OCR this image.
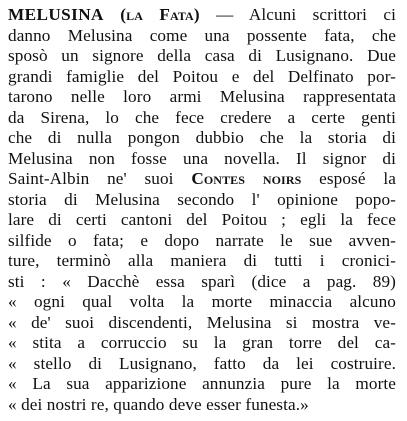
MELUSINA (la Fata) — Alcuni scrittori ci
danno Melusina come una possente fata, che
sposò un signore della casa di Lusignano. Due
grandi famiglie del Poitou e del Delfinato por-
tarono nelle loro armi Melusina rappresentata
da Sirena, lo che fece credere a certe genti
che di nulla pongon dubbio che la storia di
Melusina non fosse una novella. Il signor di
Saint-Albin ne' suoi Contes noirs esposé la
storia di Melusina secondo l' opinione popo-
lare di certi cantoni del Poitou ; egli la fece
silfide o fata; e dopo narrate le sue avven-
ture, terminò alla maniera di tutti i cronici-
sti : « Dacchè essa sparì (dice a pag. 89)
« ogni qual volta la morte minaccia alcuno
« de' suoi discendenti, Melusina si mostra ve-
« stita a corruccio su la gran torre del ca-
« stello di Lusignano, fatto da lei costruire.
« La sua apparizione annunzia pure la morte
« dei nostri re, quando deve esser funesta.»
